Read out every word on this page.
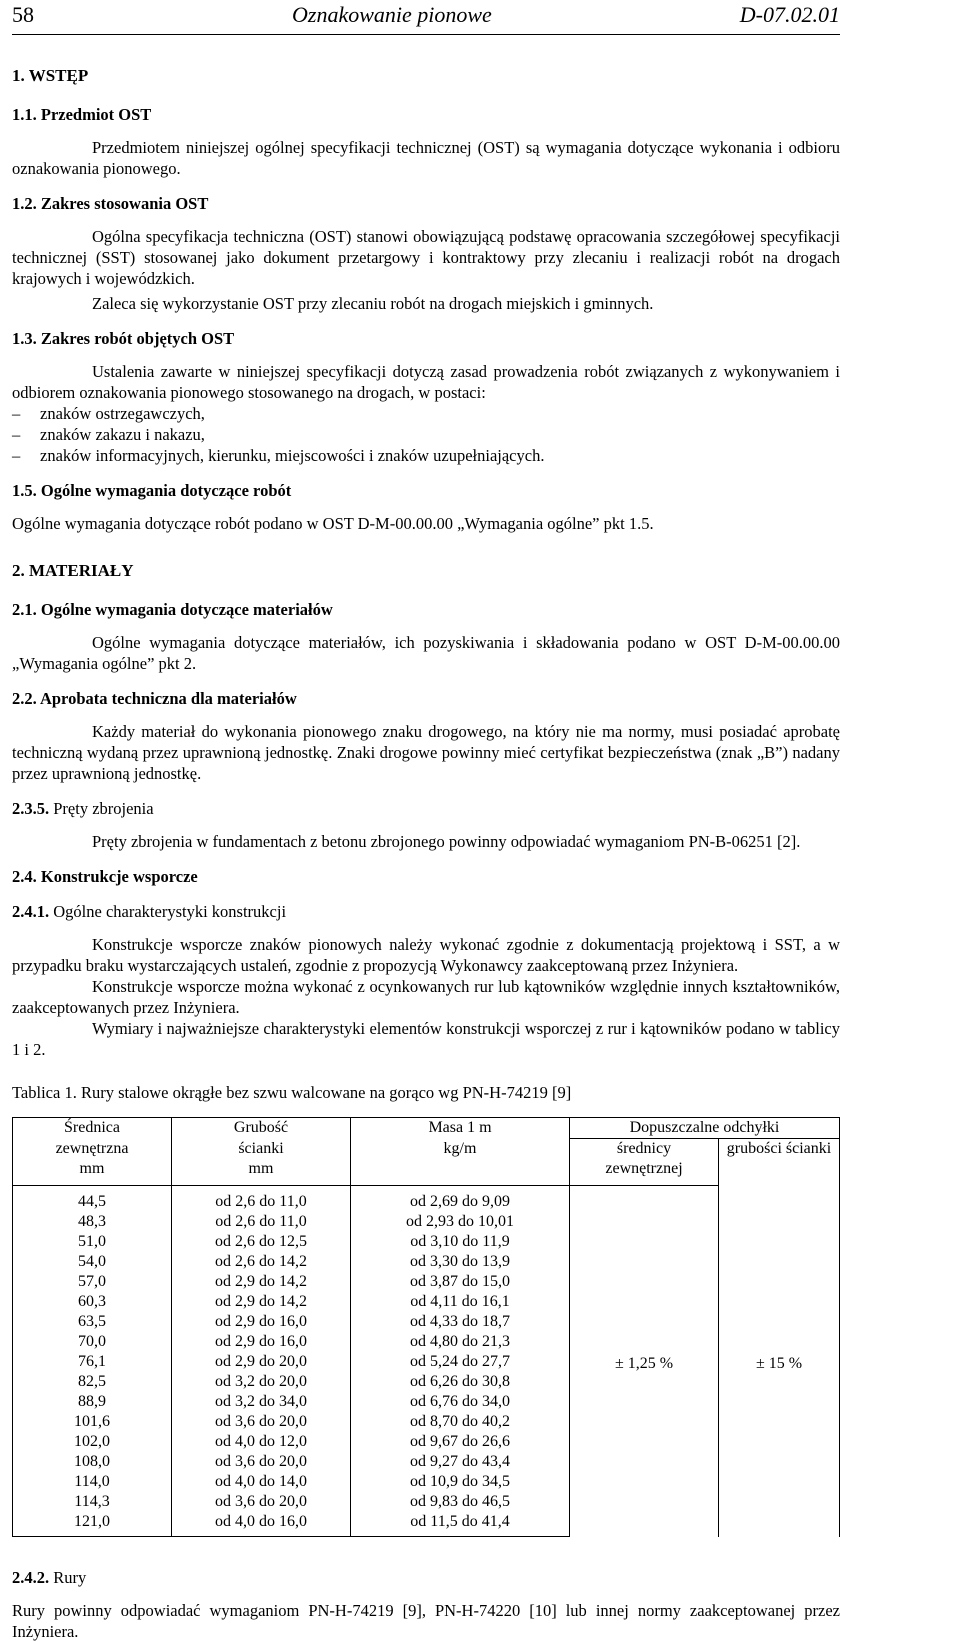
58	Oznakowanie pionowe	D-07.02.01
1. WSTĘP
1.1. Przedmiot OST

Przedmiotem niniejszej ogólnej specyfikacji technicznej (OST) są wymagania dotyczące wykonania i odbioru oznakowania pionowego.

1.2. Zakres stosowania OST

Ogólna specyfikacja techniczna (OST) stanowi obowiązującą podstawę opracowania szczegółowej specyfikacji technicznej (SST) stosowanej jako dokument przetargowy i kontraktowy przy zlecaniu i realizacji robót na drogach krajowych i wojewódzkich.

Zaleca się wykorzystanie OST przy zlecaniu robót na drogach miejskich i gminnych.

1.3. Zakres robót objętych OST

Ustalenia zawarte w niniejszej specyfikacji dotyczą zasad prowadzenia robót związanych z wykonywaniem i odbiorem oznakowania pionowego stosowanego na drogach, w postaci:

– znaków ostrzegawczych,
– znaków zakazu i nakazu,
– znaków informacyjnych, kierunku, miejscowości i znaków uzupełniających.
1.5. Ogólne wymagania dotyczące robót

Ogólne wymagania dotyczące robót podano w OST D-M-00.00.00 „Wymagania ogólne” pkt 1.5.

2. MATERIAŁY
2.1. Ogólne wymagania dotyczące materiałów

Ogólne wymagania dotyczące materiałów, ich pozyskiwania i składowania podano w OST D-M-00.00.00 „Wymagania ogólne” pkt 2.

2.2. Aprobata techniczna dla materiałów

Każdy materiał do wykonania pionowego znaku drogowego, na który nie ma normy, musi posiadać aprobatę techniczną wydaną przez uprawnioną jednostkę. Znaki drogowe powinny mieć certyfikat bezpieczeństwa (znak „B”) nadany przez uprawnioną jednostkę.

2.3.5. Pręty zbrojenia

Pręty zbrojenia w fundamentach z betonu zbrojonego powinny odpowiadać wymaganiom PN-B-06251 [2].

2.4. Konstrukcje wsporcze
2.4.1. Ogólne charakterystyki konstrukcji

Konstrukcje wsporcze znaków pionowych należy wykonać zgodnie z dokumentacją projektową i SST, a w przypadku braku wystarczających ustaleń, zgodnie z propozycją Wykonawcy zaakceptowaną przez Inżyniera.

Konstrukcje wsporcze można wykonać z ocynkowanych rur lub kątowników względnie innych kształtowników, zaakceptowanych przez Inżyniera.

Wymiary i najważniejsze charakterystyki elementów konstrukcji wsporczej z rur i kątowników podano w tablicy 1 i 2.

Tablica 1. Rury stalowe okrągłe bez szwu walcowane na gorąco wg PN-H-74219 [9]
Średnica	Grubość	Masa 1 m	Dopuszczalne odchyłki	
zewnętrzna	ścianki	kg/m	średnicy	grubości ścianki
mm	mm		zewnętrznej	
44,5	od 2,6 do 11,0	od 2,69 do 9,09	± 1,25 %	± 15 %
48,3	od 2,6 do 11,0	od 2,93 do 10,01		
51,0	od 2,6 do 12,5	od 3,10 do 11,9		
54,0	od 2,6 do 14,2	od 3,30 do 13,9		
57,0	od 2,9 do 14,2	od 3,87 do 15,0		
60,3	od 2,9 do 14,2	od 4,11 do 16,1		
63,5	od 2,9 do 16,0	od 4,33 do 18,7		
70,0	od 2,9 do 16,0	od 4,80 do 21,3		
76,1	od 2,9 do 20,0	od 5,24 do 27,7		
82,5	od 3,2 do 20,0	od 6,26 do 30,8		
88,9	od 3,2 do 34,0	od 6,76 do 34,0		
101,6	od 3,6 do 20,0	od 8,70 do 40,2		
102,0	od 4,0 do 12,0	od 9,67 do 26,6		
108,0	od 3,6 do 20,0	od 9,27 do 43,4		
114,0	od 4,0 do 14,0	od 10,9 do 34,5		
114,3	od 3,6 do 20,0	od 9,83 do 46,5		
121,0	od 4,0 do 16,0	od 11,5 do 41,4		
2.4.2. Rury

Rury powinny odpowiadać wymaganiom PN-H-74219 [9], PN-H-74220 [10] lub innej normy zaakceptowanej przez Inżyniera.
